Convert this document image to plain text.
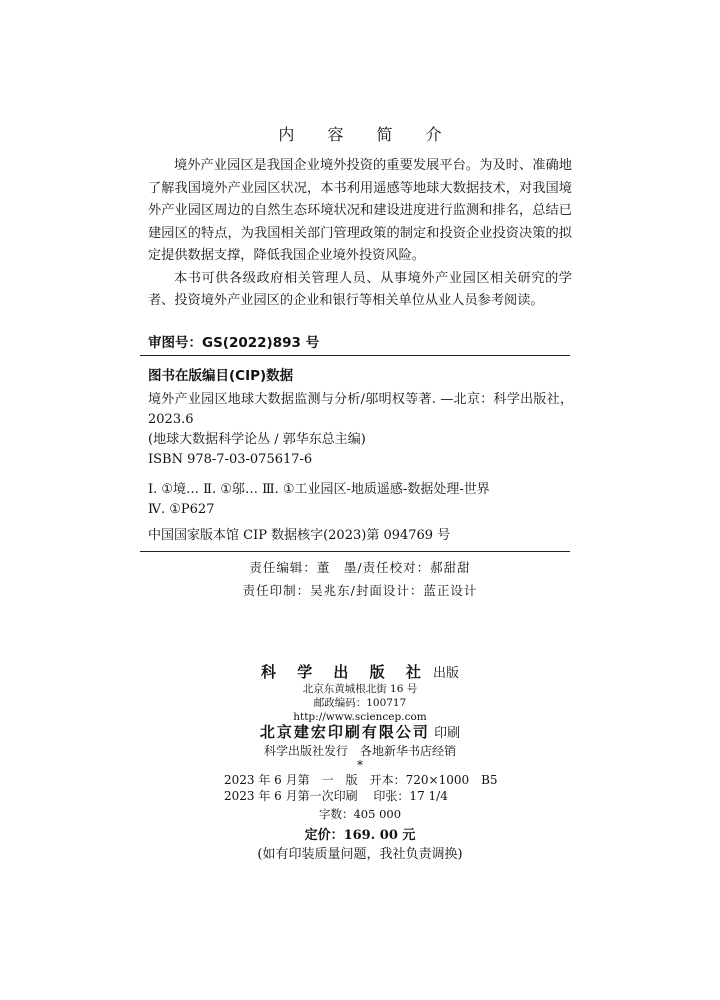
内 容 简 介

境外产业园区是我国企业境外投资的重要发展平台。为及时、准确地了解我国境外产业园区状况，本书利用遥感等地球大数据技术，对我国境外产业园区周边的自然生态环境状况和建设进度进行监测和排名，总结已建园区的特点，为我国相关部门管理政策的制定和投资企业投资决策的拟定提供数据支撑，降低我国企业境外投资风险。

本书可供各级政府相关管理人员、从事境外产业园区相关研究的学者、投资境外产业园区的企业和银行等相关单位从业人员参考阅读。

审图号：GS(2022)893 号
图书在版编目(CIP)数据
境外产业园区地球大数据监测与分析/邬明权等著. —北京：科学出版社，2023.6
(地球大数据科学论丛 / 郭华东总主编)
ISBN 978-7-03-075617-6
Ⅰ. ①境… Ⅱ. ①邬… Ⅲ. ①工业园区-地质遥感-数据处理-世界
Ⅳ. ①P627
中国国家版本馆 CIP 数据核字(2023)第 094769 号
责任编辑：董　墨/责任校对：郝甜甜
责任印制：吴兆东/封面设计：蓝正设计
科 学 出 版 社 出版
北京东黄城根北街 16 号
邮政编码：100717
http://www.sciencep.com
北京建宏印刷有限公司 印刷
科学出版社发行　各地新华书店经销
*
2023 年 6 月第　一　版　开本：720×1000　B5
2023 年 6 月第一次印刷　 印张：17 1/4
字数：405 000
定价：169. 00 元
(如有印装质量问题，我社负责调换)
